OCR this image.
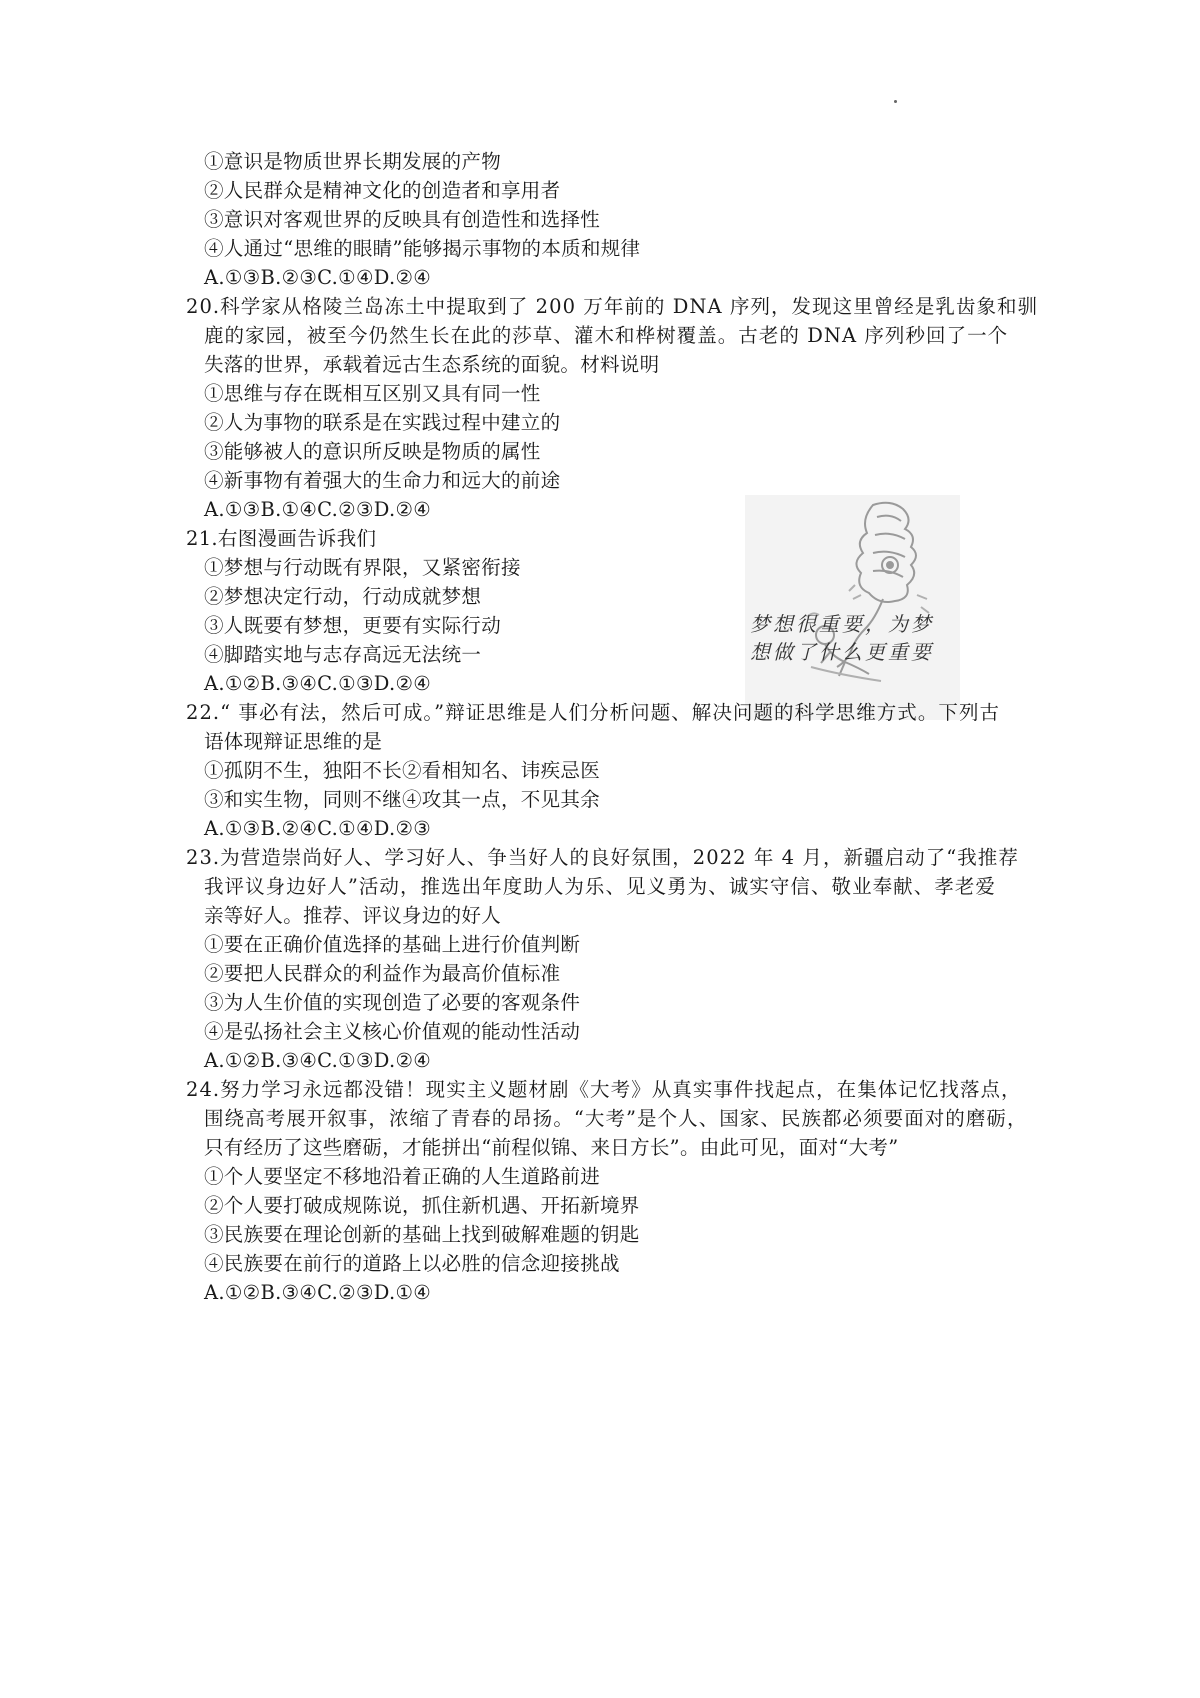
①意识是物质世界长期发展的产物
②人民群众是精神文化的创造者和享用者
③意识对客观世界的反映具有创造性和选择性
④人通过“思维的眼睛”能够揭示事物的本质和规律
A.①③B.②③C.①④D.②④
20.科学家从格陵兰岛冻土中提取到了 200 万年前的 DNA 序列，发现这里曾经是乳齿象和驯
鹿的家园，被至今仍然生长在此的莎草、灌木和桦树覆盖。古老的 DNA 序列秒回了一个
失落的世界，承载着远古生态系统的面貌。材料说明
①思维与存在既相互区别又具有同一性
②人为事物的联系是在实践过程中建立的
③能够被人的意识所反映是物质的属性
④新事物有着强大的生命力和远大的前途
A.①③B.①④C.②③D.②④
21.右图漫画告诉我们
①梦想与行动既有界限，又紧密衔接
②梦想决定行动，行动成就梦想
③人既要有梦想，更要有实际行动
④脚踏实地与志存高远无法统一
A.①②B.③④C.①③D.②④
梦想很重要，为梦
想做了什么更重要
22.“ 事必有法，然后可成。”辩证思维是人们分析问题、解决问题的科学思维方式。下列古
语体现辩证思维的是
①孤阴不生，独阳不长②看相知名、讳疾忌医
③和实生物，同则不继④攻其一点，不见其余
A.①③B.②④C.①④D.②③
23.为营造崇尚好人、学习好人、争当好人的良好氛围，2022 年 4 月，新疆启动了“我推荐
我评议身边好人”活动，推选出年度助人为乐、见义勇为、诚实守信、敬业奉献、孝老爱
亲等好人。推荐、评议身边的好人
①要在正确价值选择的基础上进行价值判断
②要把人民群众的利益作为最高价值标准
③为人生价值的实现创造了必要的客观条件
④是弘扬社会主义核心价值观的能动性活动
A.①②B.③④C.①③D.②④
24.努力学习永远都没错！现实主义题材剧《大考》从真实事件找起点，在集体记忆找落点，
围绕高考展开叙事，浓缩了青春的昂扬。“大考”是个人、国家、民族都必须要面对的磨砺，
只有经历了这些磨砺，才能拼出“前程似锦、来日方长”。由此可见，面对“大考”
①个人要坚定不移地沿着正确的人生道路前进
②个人要打破成规陈说，抓住新机遇、开拓新境界
③民族要在理论创新的基础上找到破解难题的钥匙
④民族要在前行的道路上以必胜的信念迎接挑战
A.①②B.③④C.②③D.①④
